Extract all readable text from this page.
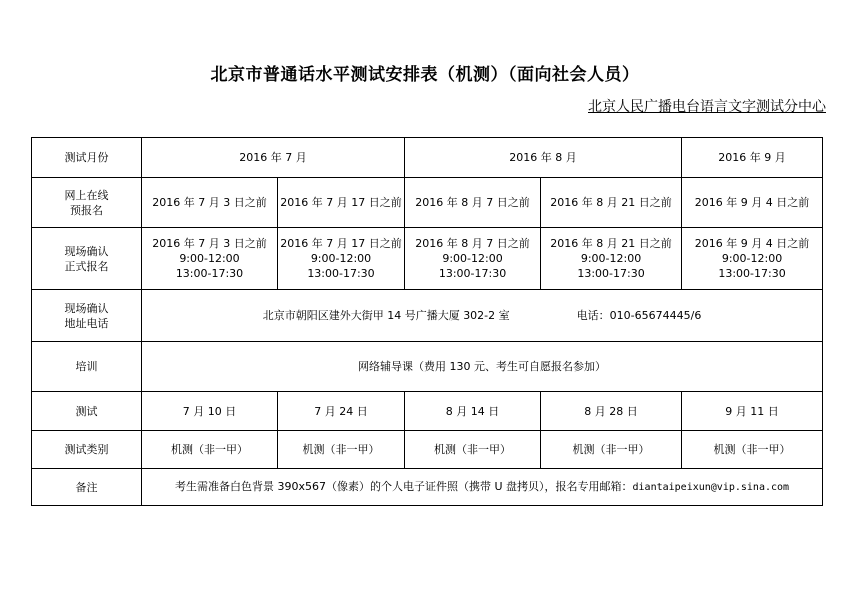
北京市普通话水平测试安排表（机测）（面向社会人员）
北京人民广播电台语言文字测试分中心
测试月份	2016 年 7 月		2016 年 8 月		2016 年 9 月

网上在线
预报名	2016 年 7 月 3 日之前	2016 年 7 月 17 日之前	2016 年 8 月 7 日之前	2016 年 8 月 21 日之前	2016 年 9 月 4 日之前

现场确认
正式报名	2016 年 7 月 3 日之前
9:00-12:00
13:00-17:30	2016 年 7 月 17 日之前
9:00-12:00
13:00-17:30	2016 年 8 月 7 日之前
9:00-12:00
13:00-17:30	2016 年 8 月 21 日之前
9:00-12:00
13:00-17:30	2016 年 9 月 4 日之前
9:00-12:00
13:00-17:30

现场确认
地址电话	北京市朝阳区建外大街甲 14 号广播大厦 302-2 室 电话：010-65674445/6				

培训	网络辅导课（费用 130 元、考生可自愿报名参加）				

测试	7 月 10 日	7 月 24 日	8 月 14 日	8 月 28 日	9 月 11 日

测试类别	机测（非一甲）	机测（非一甲）	机测（非一甲）	机测（非一甲）	机测（非一甲）

备注	考生需准备白色背景 390x567（像素）的个人电子证件照（携带 U 盘拷贝），报名专用邮箱：diantaipeixun@vip.sina.com				
